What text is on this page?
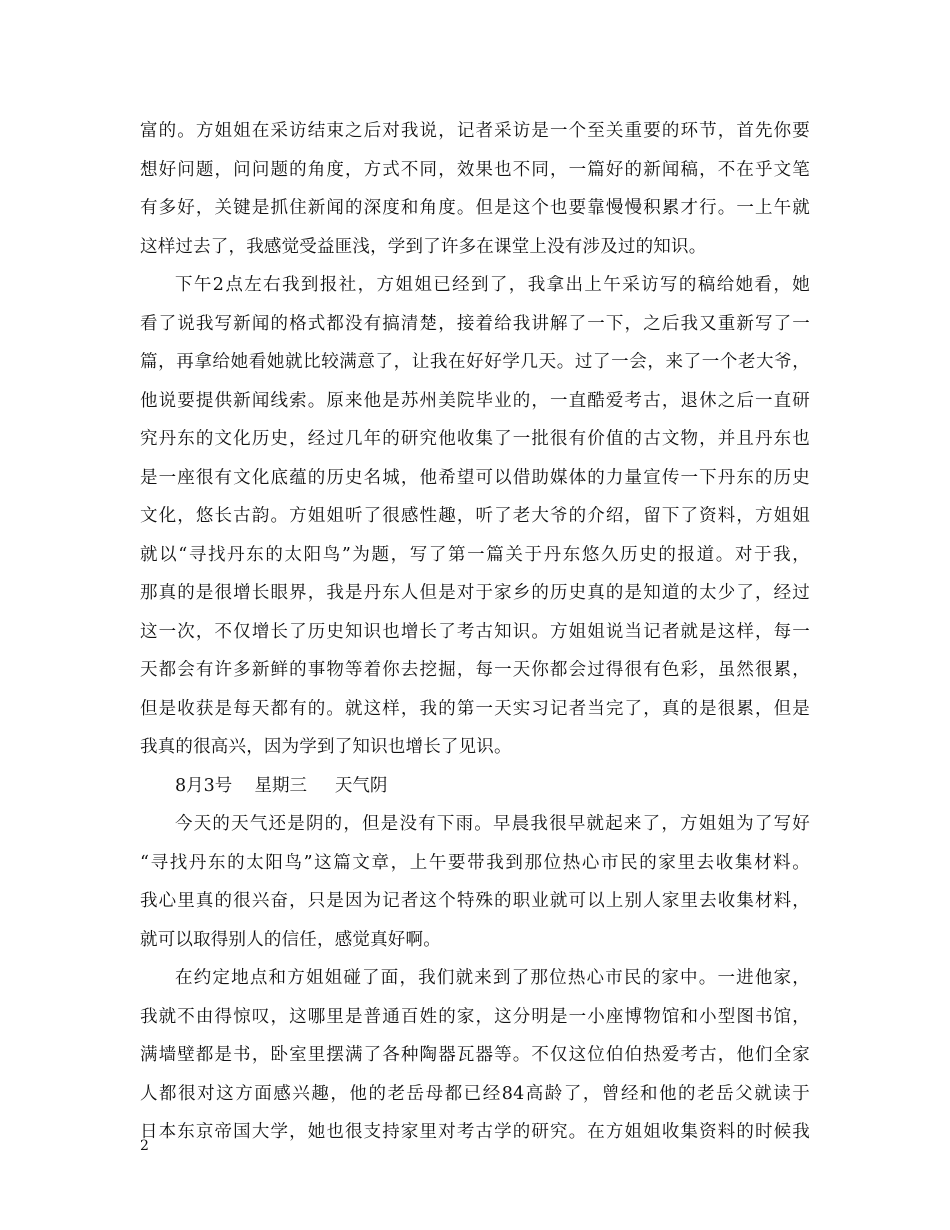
富的。方姐姐在采访结束之后对我说，记者采访是一个至关重要的环节，首先你要
想好问题，问问题的角度，方式不同，效果也不同，一篇好的新闻稿，不在乎文笔
有多好，关键是抓住新闻的深度和角度。但是这个也要靠慢慢积累才行。一上午就
这样过去了，我感觉受益匪浅，学到了许多在课堂上没有涉及过的知识。
下午2点左右我到报社，方姐姐已经到了，我拿出上午采访写的稿给她看，她
看了说我写新闻的格式都没有搞清楚，接着给我讲解了一下，之后我又重新写了一
篇，再拿给她看她就比较满意了，让我在好好学几天。过了一会，来了一个老大爷，
他说要提供新闻线索。原来他是苏州美院毕业的，一直酷爱考古，退休之后一直研
究丹东的文化历史，经过几年的研究他收集了一批很有价值的古文物，并且丹东也
是一座很有文化底蕴的历史名城，他希望可以借助媒体的力量宣传一下丹东的历史
文化，悠长古韵。方姐姐听了很感性趣，听了老大爷的介绍，留下了资料，方姐姐
就以“寻找丹东的太阳鸟”为题，写了第一篇关于丹东悠久历史的报道。对于我，
那真的是很增长眼界，我是丹东人但是对于家乡的历史真的是知道的太少了，经过
这一次，不仅增长了历史知识也增长了考古知识。方姐姐说当记者就是这样，每一
天都会有许多新鲜的事物等着你去挖掘，每一天你都会过得很有色彩，虽然很累，
但是收获是每天都有的。就这样，我的第一天实习记者当完了，真的是很累，但是
我真的很高兴，因为学到了知识也增长了见识。
8月3号    星期三     天气阴
今天的天气还是阴的，但是没有下雨。早晨我很早就起来了，方姐姐为了写好
“寻找丹东的太阳鸟”这篇文章，上午要带我到那位热心市民的家里去收集材料。
我心里真的很兴奋，只是因为记者这个特殊的职业就可以上别人家里去收集材料，
就可以取得别人的信任，感觉真好啊。
在约定地点和方姐姐碰了面，我们就来到了那位热心市民的家中。一进他家，
我就不由得惊叹，这哪里是普通百姓的家，这分明是一小座博物馆和小型图书馆，
满墙壁都是书，卧室里摆满了各种陶器瓦器等。不仅这位伯伯热爱考古，他们全家
人都很对这方面感兴趣，他的老岳母都已经84高龄了，曾经和他的老岳父就读于
日本东京帝国大学，她也很支持家里对考古学的研究。在方姐姐收集资料的时候我
2
